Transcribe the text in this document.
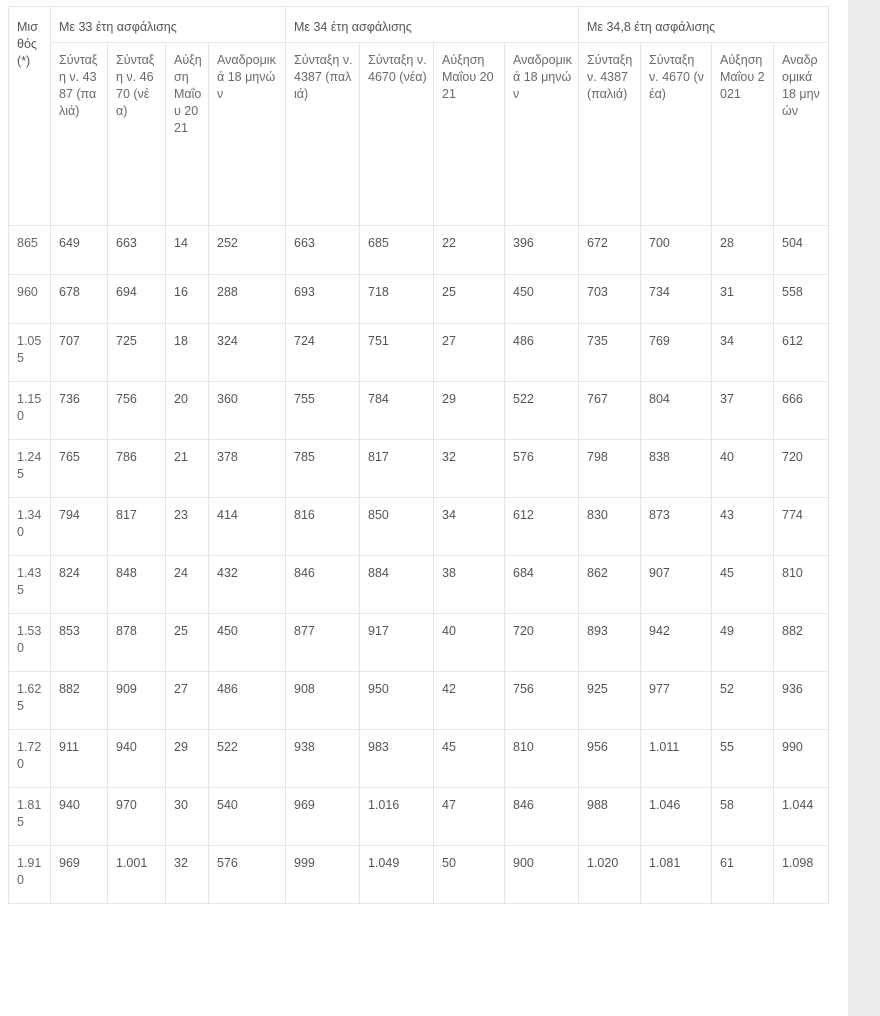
Μισθός (*)	Με 33 έτη ασφάλισης				Με 34 έτη ασφάλισης				Με 34,8 έτη ασφάλισης			
	Σύνταξη ν. 4387 (παλιά)	Σύνταξη ν. 4670 (νέα)	Αύξηση Μαΐου 2021	Αναδρομικά 18 μηνών	Σύνταξη ν. 4387 (παλιά)	Σύνταξη ν. 4670 (νέα)	Αύξηση Μαΐου 2021	Αναδρομικά 18 μηνών	Σύνταξη ν. 4387 (παλιά)	Σύνταξη ν. 4670 (νέα)	Αύξηση Μαΐου 2021	Αναδρομικά 18 μηνών
865	649	663	14	252	663	685	22	396	672	700	28	504
960	678	694	16	288	693	718	25	450	703	734	31	558
1.055	707	725	18	324	724	751	27	486	735	769	34	612
1.150	736	756	20	360	755	784	29	522	767	804	37	666
1.245	765	786	21	378	785	817	32	576	798	838	40	720
1.340	794	817	23	414	816	850	34	612	830	873	43	774
1.435	824	848	24	432	846	884	38	684	862	907	45	810
1.530	853	878	25	450	877	917	40	720	893	942	49	882
1.625	882	909	27	486	908	950	42	756	925	977	52	936
1.720	911	940	29	522	938	983	45	810	956	1.011	55	990
1.815	940	970	30	540	969	1.016	47	846	988	1.046	58	1.044
1.910	969	1.001	32	576	999	1.049	50	900	1.020	1.081	61	1.098
